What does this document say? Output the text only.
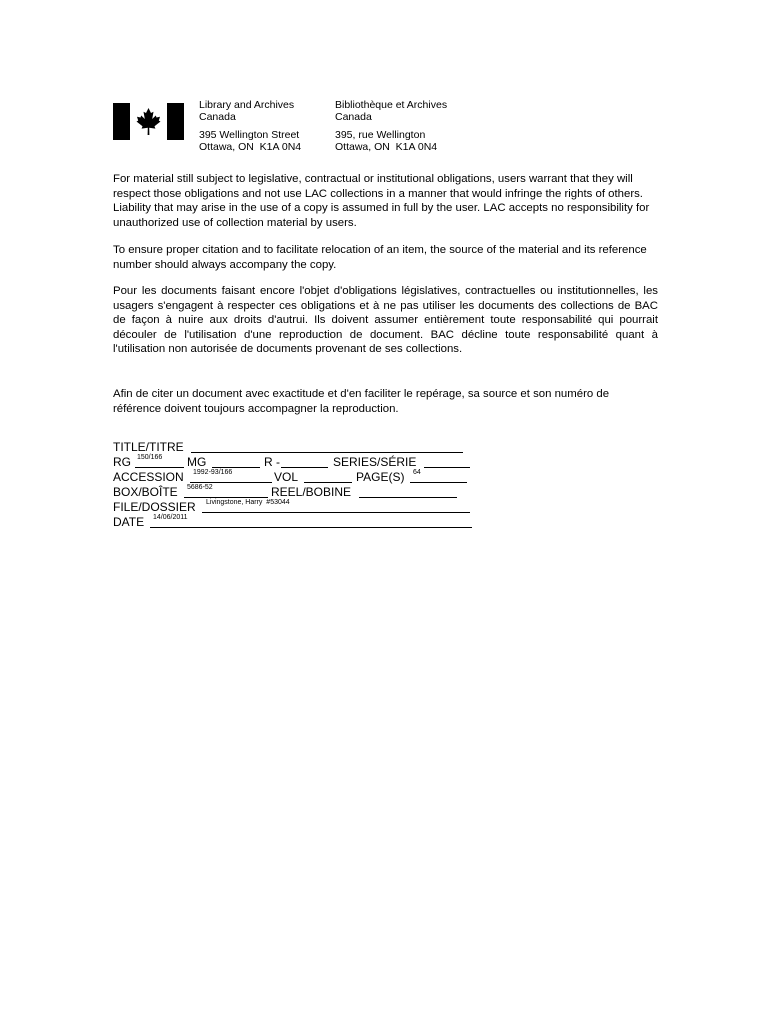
Library and Archives
Canada
395 Wellington Street
Ottawa, ON  K1A 0N4
Bibliothèque et Archives
Canada
395, rue Wellington
Ottawa, ON  K1A 0N4

For material still subject to legislative, contractual or institutional obligations, users warrant that they will respect those obligations and not use LAC collections in a manner that would infringe the rights of others. Liability that may arise in the use of a copy is assumed in full by the user. LAC accepts no responsibility for unauthorized use of collection material by users.

To ensure proper citation and to facilitate relocation of an item, the source of the material and its reference number should always accompany the copy.

Pour les documents faisant encore l'objet d'obligations législatives, contractuelles ou institutionnelles, les usagers s'engagent à respecter ces obligations et à ne pas utiliser les documents des collections de BAC de façon à nuire aux droits d'autrui. Ils doivent assumer entièrement toute responsabilité qui pourrait découler de l'utilisation d'une reproduction de document. BAC décline toute responsabilité quant à l'utilisation non autorisée de documents provenant de ses collections.

Afin de citer un document avec exactitude et d'en faciliter le repérage, sa source et son numéro de référence doivent toujours accompagner la reproduction.

TITLE/TITRE
RG 150/166 MG	R -	SERIES/SÉRIE
ACCESSION 1992-93/166	VOL	PAGE(S) 64
BOX/BOÎTE 5686-52	REEL/BOBINE
FILE/DOSSIER Livingstone, Harry  #53044
DATE 14/06/2011
